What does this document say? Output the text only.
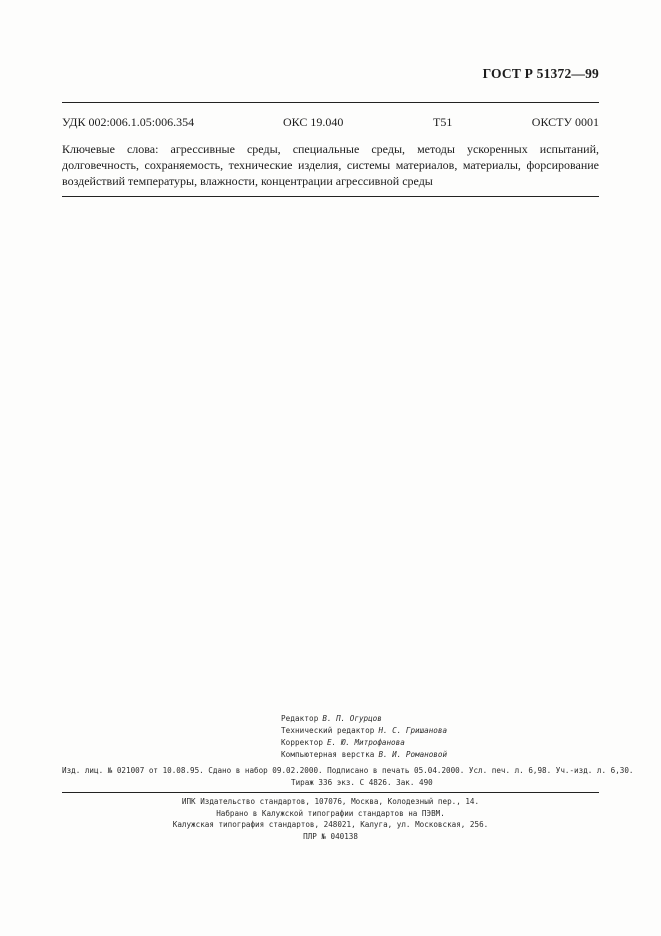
ГОСТ Р 51372—99
УДК 002:006.1.05:006.354	ОКС 19.040	Т51	ОКСТУ 0001
Ключевые слова: агрессивные среды, специальные среды, методы ускоренных испытаний, долговечность, сохраняемость, технические изделия, системы материалов, материалы, форсирование воздействий температуры, влажности, концентрации агрессивной среды
Редактор В. П. Огурцов
Технический редактор Н. С. Гришанова
Корректор Е. Ю. Митрофанова
Компьютерная верстка В. И. Романовой
Изд. лиц. № 021007 от 10.08.95. Сдано в набор 09.02.2000. Подписано в печать 05.04.2000. Усл. печ. л. 6,98. Уч.-изд. л. 6,30.
Тираж 336 экз. С 4826. Зак. 490
ИПК Издательство стандартов, 107076, Москва, Колодезный пер., 14.
Набрано в Калужской типографии стандартов на ПЭВМ.
Калужская типография стандартов, 248021, Калуга, ул. Московская, 256.
ПЛР № 040138
